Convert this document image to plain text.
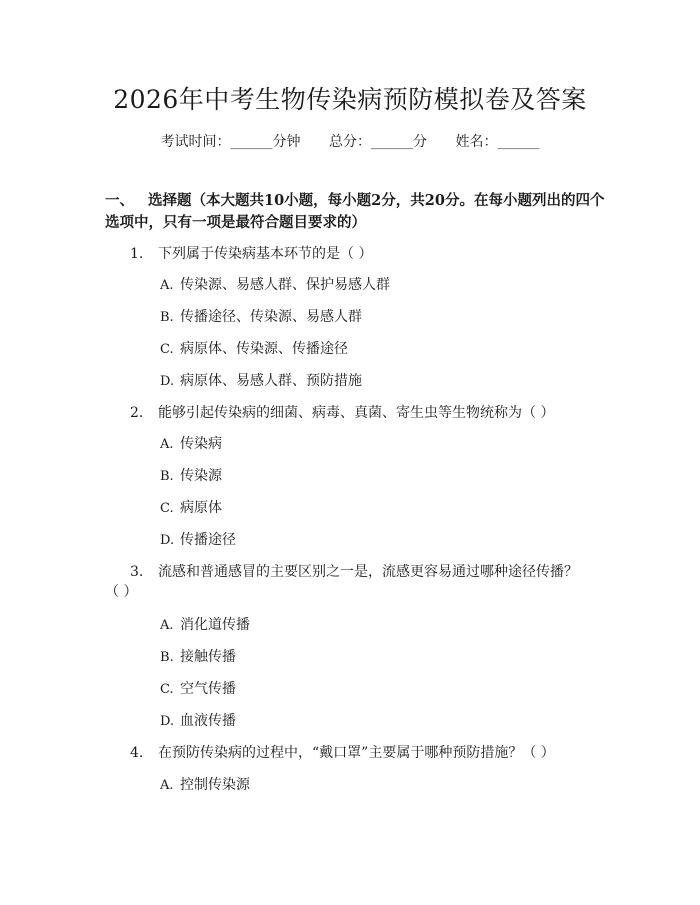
2026年中考生物传染病预防模拟卷及答案
考试时间：______分钟 总分：______分 姓名：______
一、 选择题（本大题共10小题，每小题2分，共20分。在每小题列出的四个选项中，只有一项是最符合题目要求的）
1. 下列属于传染病基本环节的是（ ）
A. 传染源、易感人群、保护易感人群
B. 传播途径、传染源、易感人群
C. 病原体、传染源、传播途径
D. 病原体、易感人群、预防措施
2. 能够引起传染病的细菌、病毒、真菌、寄生虫等生物统称为（ ）
A. 传染病
B. 传染源
C. 病原体
D. 传播途径
3. 流感和普通感冒的主要区别之一是，流感更容易通过哪种途径传播？
（ ）
A. 消化道传播
B. 接触传播
C. 空气传播
D. 血液传播
4. 在预防传染病的过程中，“戴口罩”主要属于哪种预防措施？（ ）
A. 控制传染源
